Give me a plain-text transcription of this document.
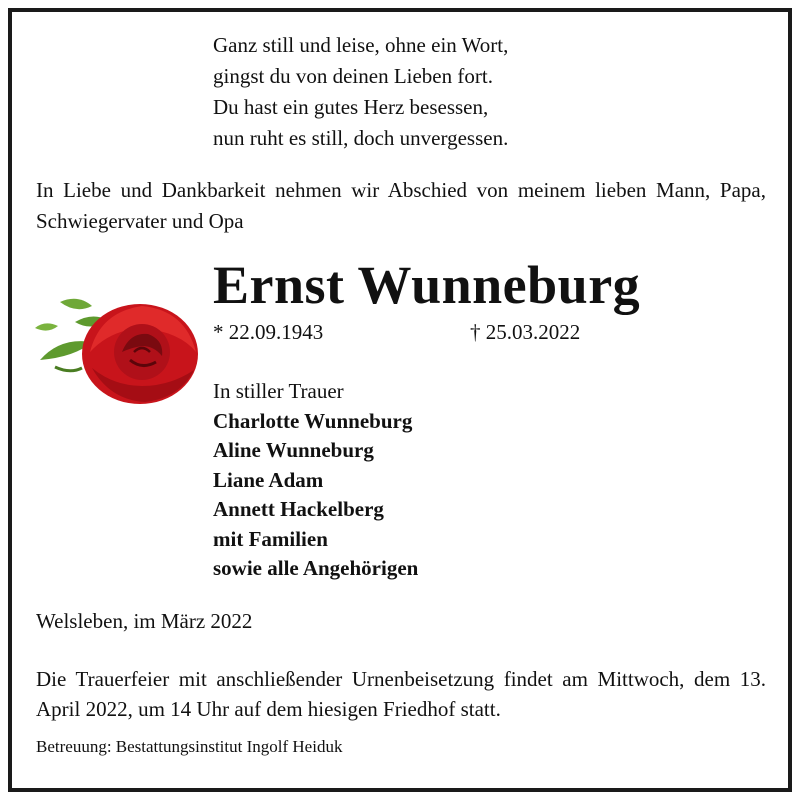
Ganz still und leise, ohne ein Wort,
gingst du von deinen Lieben fort.
Du hast ein gutes Herz besessen,
nun ruht es still, doch unvergessen.
In Liebe und Dankbarkeit nehmen wir Abschied von meinem lieben Mann, Papa, Schwiegervater und Opa
Ernst Wunneburg
* 22.09.1943	† 25.03.2022
In stiller Trauer
Charlotte Wunneburg
Aline Wunneburg
Liane Adam
Annett Hackelberg
mit Familien
sowie alle Angehörigen
Welsleben, im März 2022
Die Trauerfeier mit anschließender Urnenbeisetzung findet am Mittwoch, dem 13. April 2022, um 14 Uhr auf dem hiesigen Friedhof statt.
Betreuung: Bestattungsinstitut Ingolf Heiduk
